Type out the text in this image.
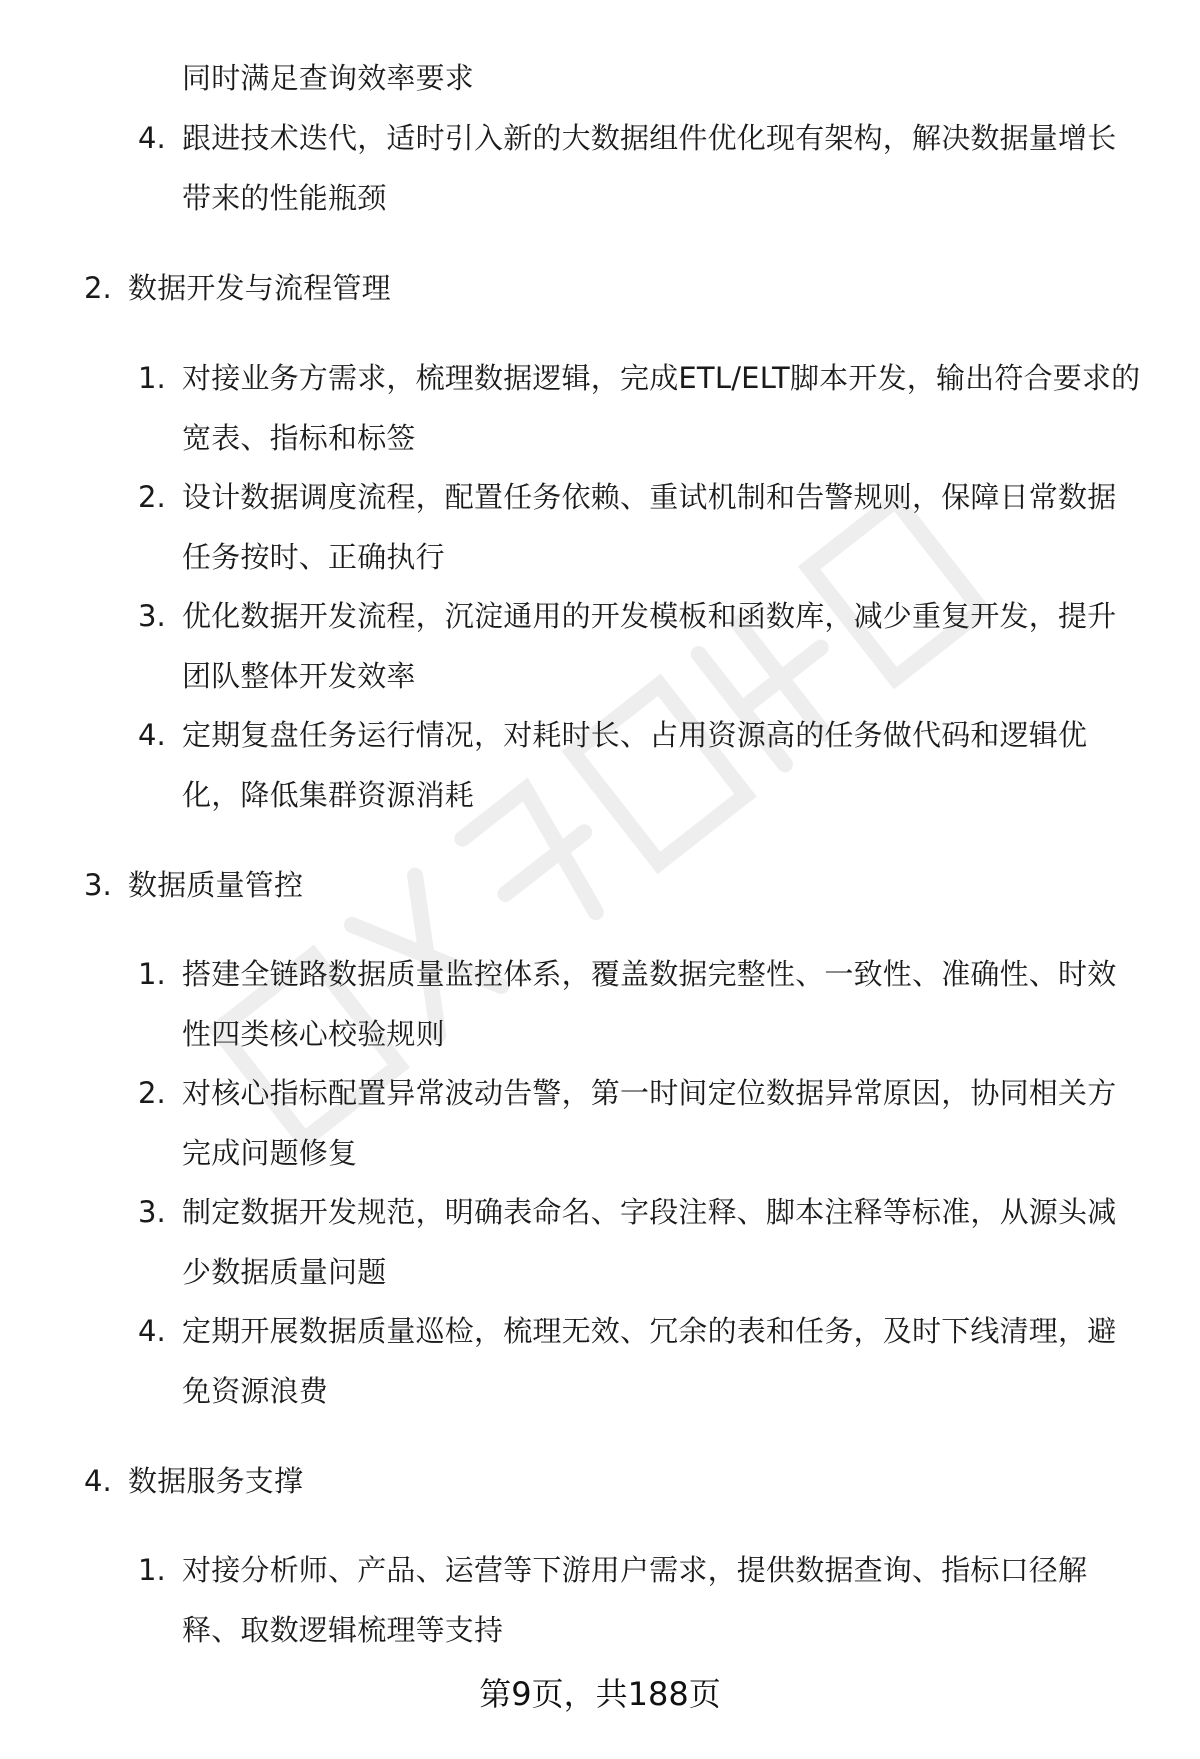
同时满足查询效率要求
4. 跟进技术迭代，适时引入新的大数据组件优化现有架构，解决数据量增长
带来的性能瓶颈
2. 数据开发与流程管理
1. 对接业务方需求，梳理数据逻辑，完成ETL/ELT脚本开发，输出符合要求的
宽表、指标和标签
2. 设计数据调度流程，配置任务依赖、重试机制和告警规则，保障日常数据
任务按时、正确执行
3. 优化数据开发流程，沉淀通用的开发模板和函数库，减少重复开发，提升
团队整体开发效率
4. 定期复盘任务运行情况，对耗时长、占用资源高的任务做代码和逻辑优
化，降低集群资源消耗
3. 数据质量管控
1. 搭建全链路数据质量监控体系，覆盖数据完整性、一致性、准确性、时效
性四类核心校验规则
2. 对核心指标配置异常波动告警，第一时间定位数据异常原因，协同相关方
完成问题修复
3. 制定数据开发规范，明确表命名、字段注释、脚本注释等标准，从源头减
少数据质量问题
4. 定期开展数据质量巡检，梳理无效、冗余的表和任务，及时下线清理，避
免资源浪费
4. 数据服务支撑
1. 对接分析师、产品、运营等下游用户需求，提供数据查询、指标口径解
释、取数逻辑梳理等支持
第9页，共188页
